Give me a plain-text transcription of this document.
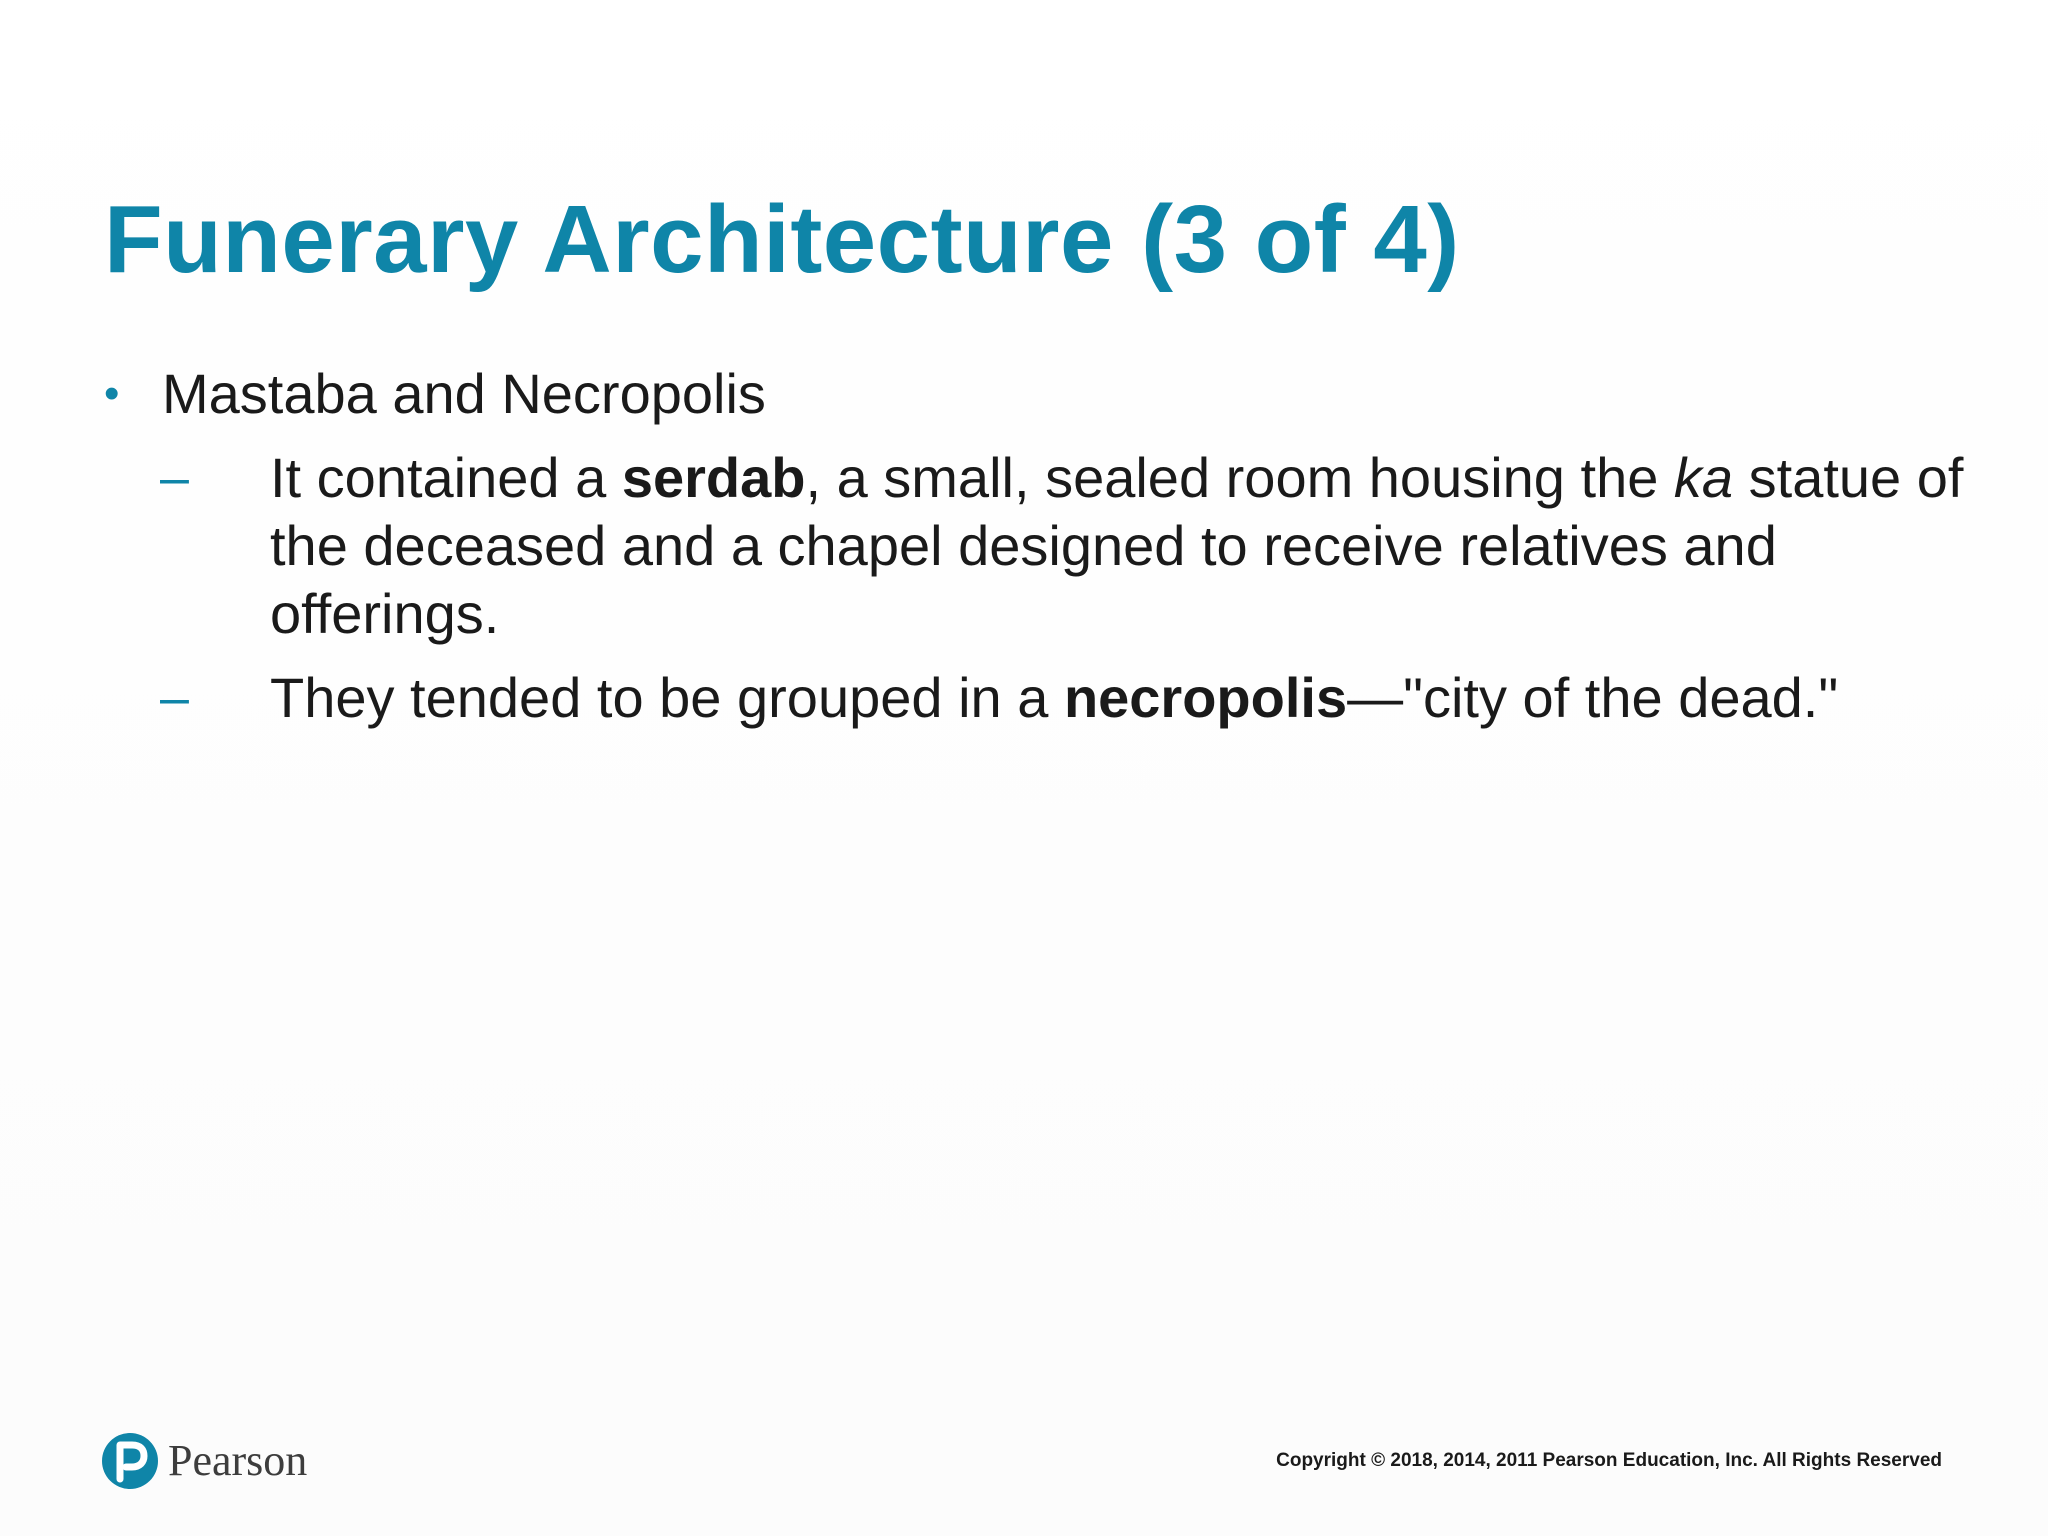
Funerary Architecture (3 of 4)
• Mastaba and Necropolis
– It contained a serdab, a small, sealed room housing the ka statue of the deceased and a chapel designed to receive relatives and offerings.
– They tended to be grouped in a necropolis—"city of the dead."
Pearson	Copyright © 2018, 2014, 2011 Pearson Education, Inc. All Rights Reserved
